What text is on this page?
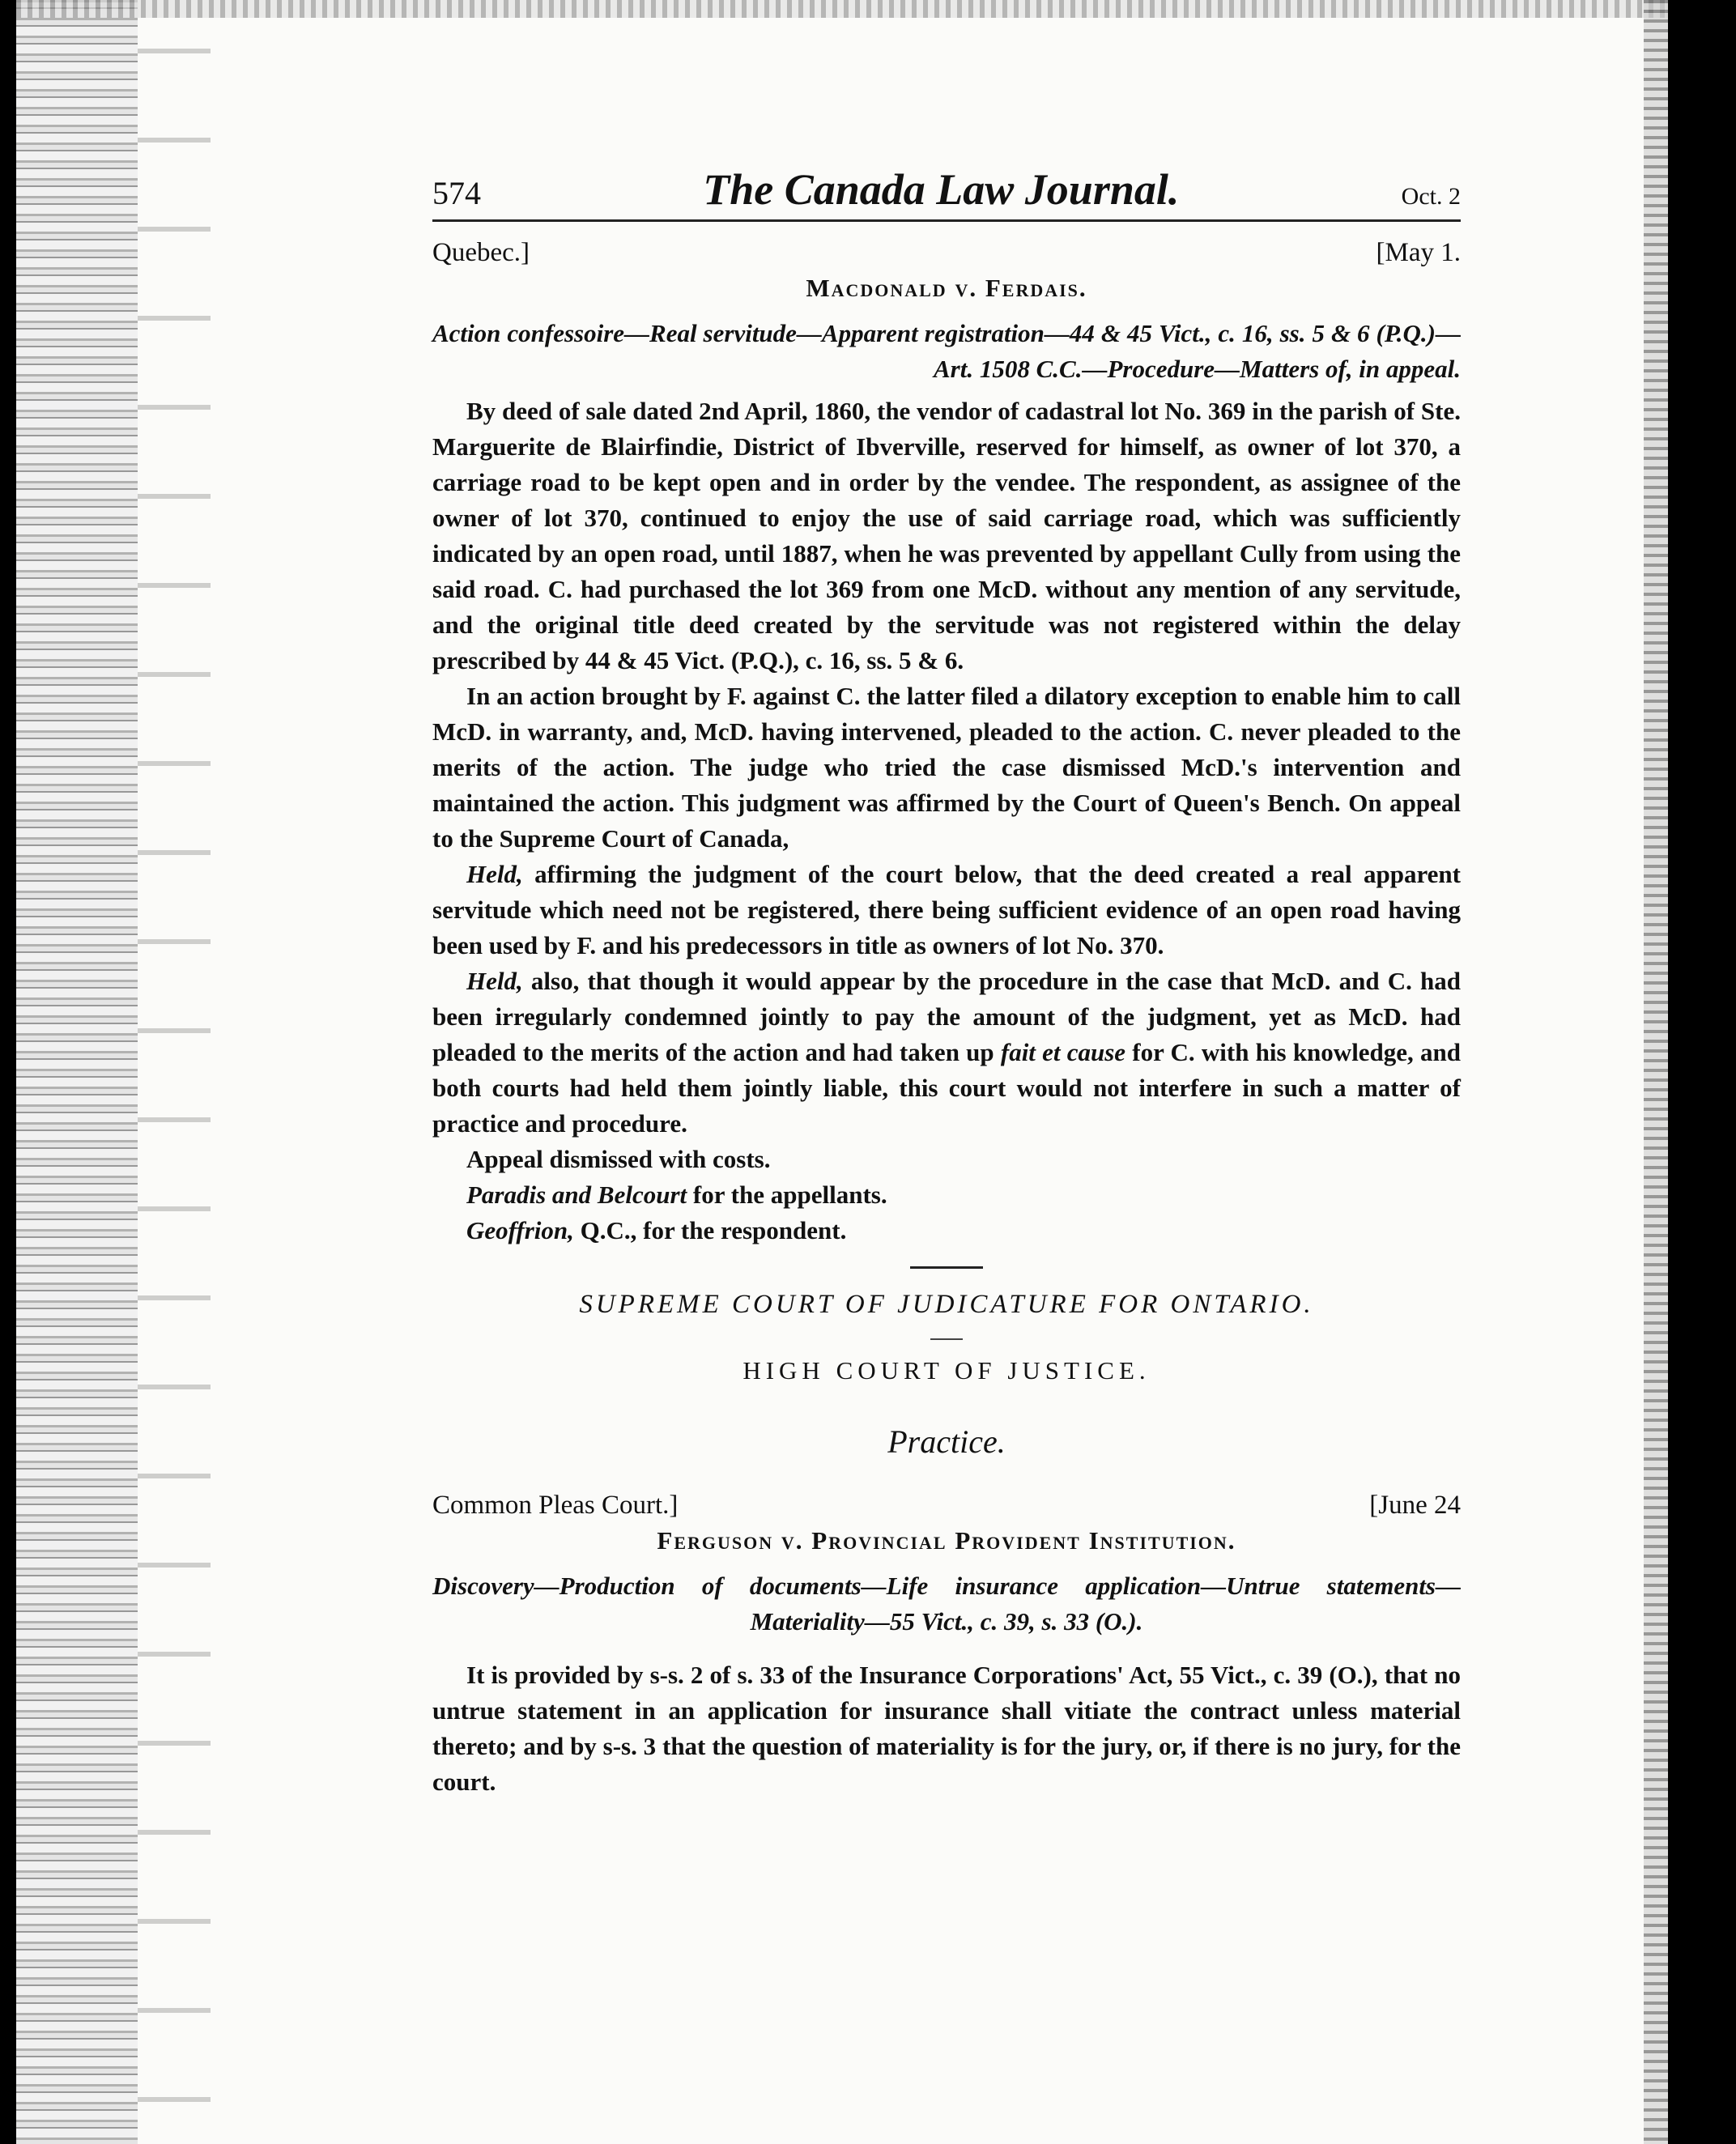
574	The Canada Law Journal.	Oct. 2
Quebec.]	[May 1.
Macdonald v. Ferdais.
Action confessoire—Real servitude—Apparent registration—44 & 45 Vict., c. 16, ss. 5 & 6 (P.Q.)—Art. 1508 C.C.—Procedure—Matters of, in appeal.

By deed of sale dated 2nd April, 1860, the vendor of cadastral lot No. 369 in the parish of Ste. Marguerite de Blairfindie, District of Ibverville, reserved for himself, as owner of lot 370, a carriage road to be kept open and in order by the vendee. The respondent, as assignee of the owner of lot 370, continued to enjoy the use of said carriage road, which was sufficiently indicated by an open road, until 1887, when he was prevented by appellant Cully from using the said road. C. had purchased the lot 369 from one McD. without any mention of any servitude, and the original title deed created by the servitude was not registered within the delay prescribed by 44 & 45 Vict. (P.Q.), c. 16, ss. 5 & 6.

In an action brought by F. against C. the latter filed a dilatory exception to enable him to call McD. in warranty, and, McD. having intervened, pleaded to the action. C. never pleaded to the merits of the action. The judge who tried the case dismissed McD.'s intervention and maintained the action. This judgment was affirmed by the Court of Queen's Bench. On appeal to the Supreme Court of Canada,

Held, affirming the judgment of the court below, that the deed created a real apparent servitude which need not be registered, there being sufficient evidence of an open road having been used by F. and his predecessors in title as owners of lot No. 370.

Held, also, that though it would appear by the procedure in the case that McD. and C. had been irregularly condemned jointly to pay the amount of the judgment, yet as McD. had pleaded to the merits of the action and had taken up fait et cause for C. with his knowledge, and both courts had held them jointly liable, this court would not interfere in such a matter of practice and procedure.

Appeal dismissed with costs.

Paradis and Belcourt for the appellants.

Geoffrion, Q.C., for the respondent.

SUPREME COURT OF JUDICATURE FOR ONTARIO.
HIGH COURT OF JUSTICE.
Practice.
Common Pleas Court.]	[June 24
Ferguson v. Provincial Provident Institution.
Discovery—Production of documents—Life insurance application—Untrue statements—Materiality—55 Vict., c. 39, s. 33 (O.).

It is provided by s-s. 2 of s. 33 of the Insurance Corporations' Act, 55 Vict., c. 39 (O.), that no untrue statement in an application for insurance shall vitiate the contract unless material thereto; and by s-s. 3 that the question of materiality is for the jury, or, if there is no jury, for the court.
